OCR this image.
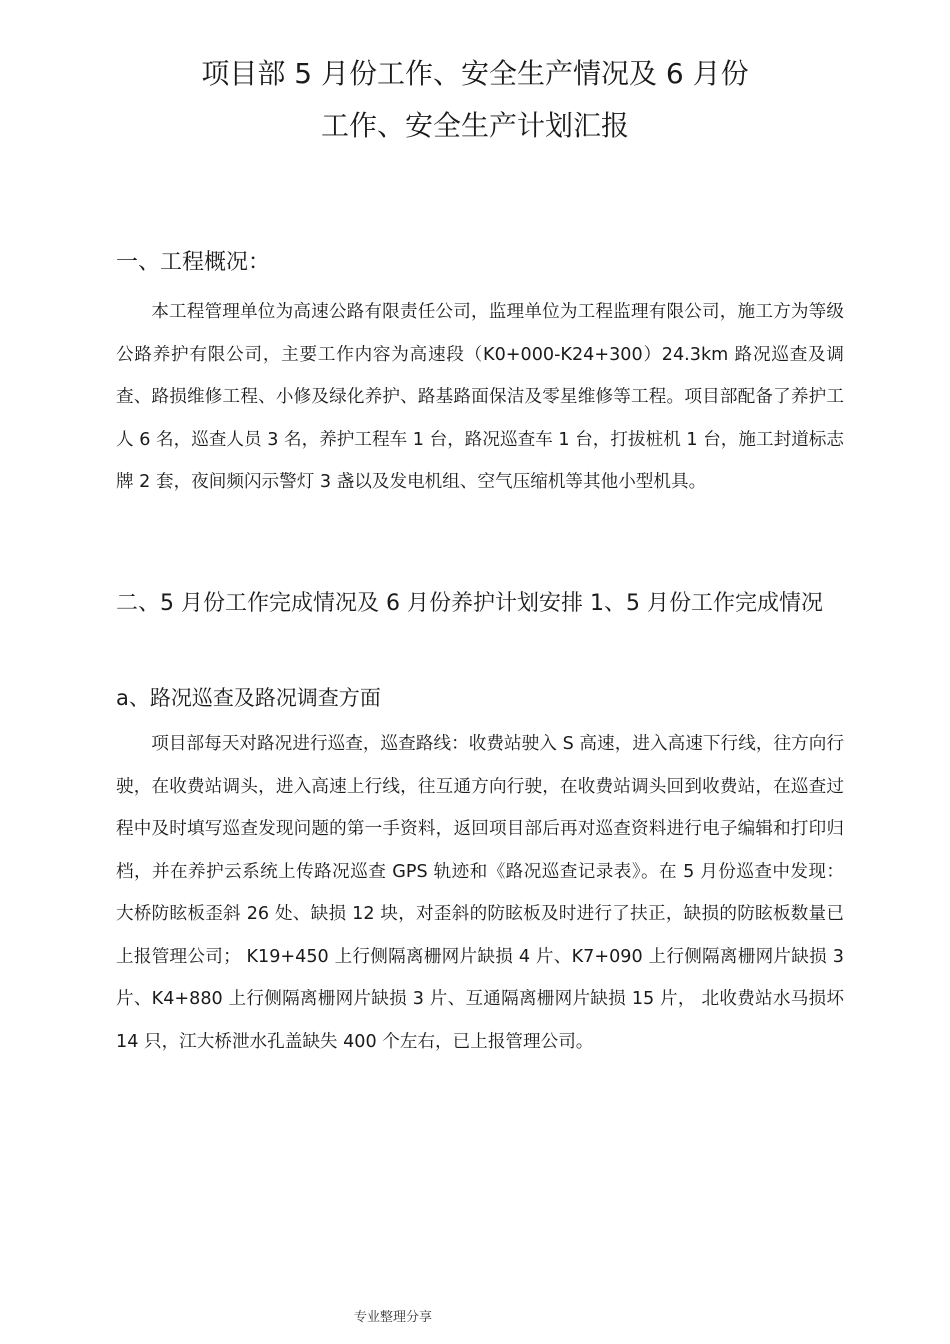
项目部 5 月份工作、安全生产情况及 6 月份
工作、安全生产计划汇报
一、工程概况：
本工程管理单位为高速公路有限责任公司，监理单位为工程监理有限公司，施工方为等级公路养护有限公司，主要工作内容为高速段（K0+000-K24+300）24.3km 路况巡查及调查、路损维修工程、小修及绿化养护、路基路面保洁及零星维修等工程。项目部配备了养护工人 6 名，巡查人员 3 名，养护工程车 1 台，路况巡查车 1 台，打拔桩机 1 台，施工封道标志牌 2 套，夜间频闪示警灯 3 盏以及发电机组、空气压缩机等其他小型机具。
二、5 月份工作完成情况及 6 月份养护计划安排 1、5 月份工作完成情况
a、路况巡查及路况调查方面
项目部每天对路况进行巡查，巡查路线：收费站驶入 S 高速，进入高速下行线，往方向行驶，在收费站调头，进入高速上行线，往互通方向行驶，在收费站调头回到收费站，在巡查过程中及时填写巡查发现问题的第一手资料，返回项目部后再对巡查资料进行电子编辑和打印归档，并在养护云系统上传路况巡查 GPS 轨迹和《路况巡查记录表》。在 5 月份巡查中发现：大桥防眩板歪斜 26 处、缺损 12 块，对歪斜的防眩板及时进行了扶正，缺损的防眩板数量已上报管理公司； K19+450 上行侧隔离栅网片缺损 4 片、K7+090 上行侧隔离栅网片缺损 3 片、K4+880 上行侧隔离栅网片缺损 3 片、互通隔离栅网片缺损 15 片， 北收费站水马损坏 14 只，江大桥泄水孔盖缺失 400 个左右，已上报管理公司。
专业整理分享
